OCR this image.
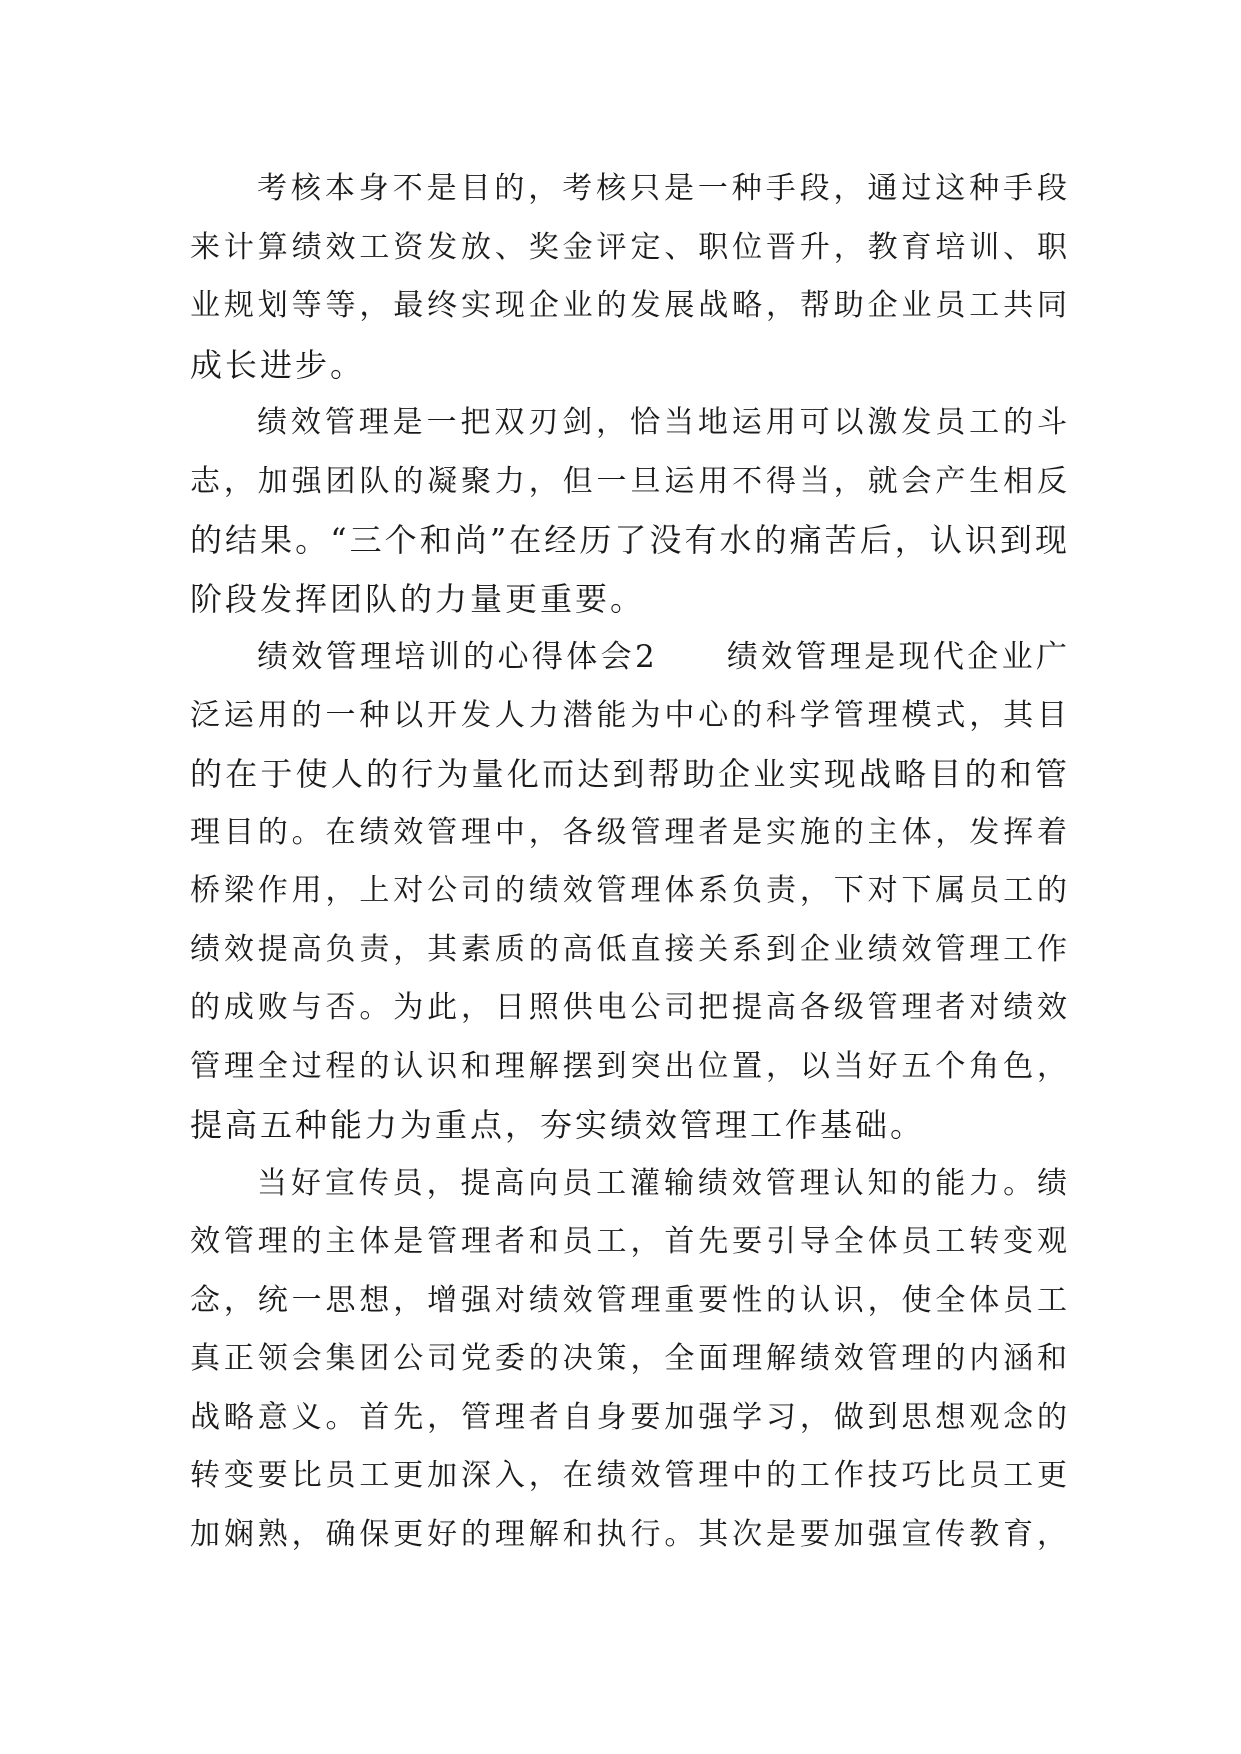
考核本身不是目的，考核只是一种手段，通过这种手段
来计算绩效工资发放、奖金评定、职位晋升，教育培训、职
业规划等等，最终实现企业的发展战略，帮助企业员工共同
成长进步。
绩效管理是一把双刃剑，恰当地运用可以激发员工的斗
志，加强团队的凝聚力，但一旦运用不得当，就会产生相反
的结果。“三个和尚”在经历了没有水的痛苦后，认识到现
阶段发挥团队的力量更重要。
绩效管理培训的心得体会2　　绩效管理是现代企业广
泛运用的一种以开发人力潜能为中心的科学管理模式，其目
的在于使人的行为量化而达到帮助企业实现战略目的和管
理目的。在绩效管理中，各级管理者是实施的主体，发挥着
桥梁作用，上对公司的绩效管理体系负责，下对下属员工的
绩效提高负责，其素质的高低直接关系到企业绩效管理工作
的成败与否。为此，日照供电公司把提高各级管理者对绩效
管理全过程的认识和理解摆到突出位置，以当好五个角色，
提高五种能力为重点，夯实绩效管理工作基础。
当好宣传员，提高向员工灌输绩效管理认知的能力。绩
效管理的主体是管理者和员工，首先要引导全体员工转变观
念，统一思想，增强对绩效管理重要性的认识，使全体员工
真正领会集团公司党委的决策，全面理解绩效管理的内涵和
战略意义。首先，管理者自身要加强学习，做到思想观念的
转变要比员工更加深入，在绩效管理中的工作技巧比员工更
加娴熟，确保更好的理解和执行。其次是要加强宣传教育，
